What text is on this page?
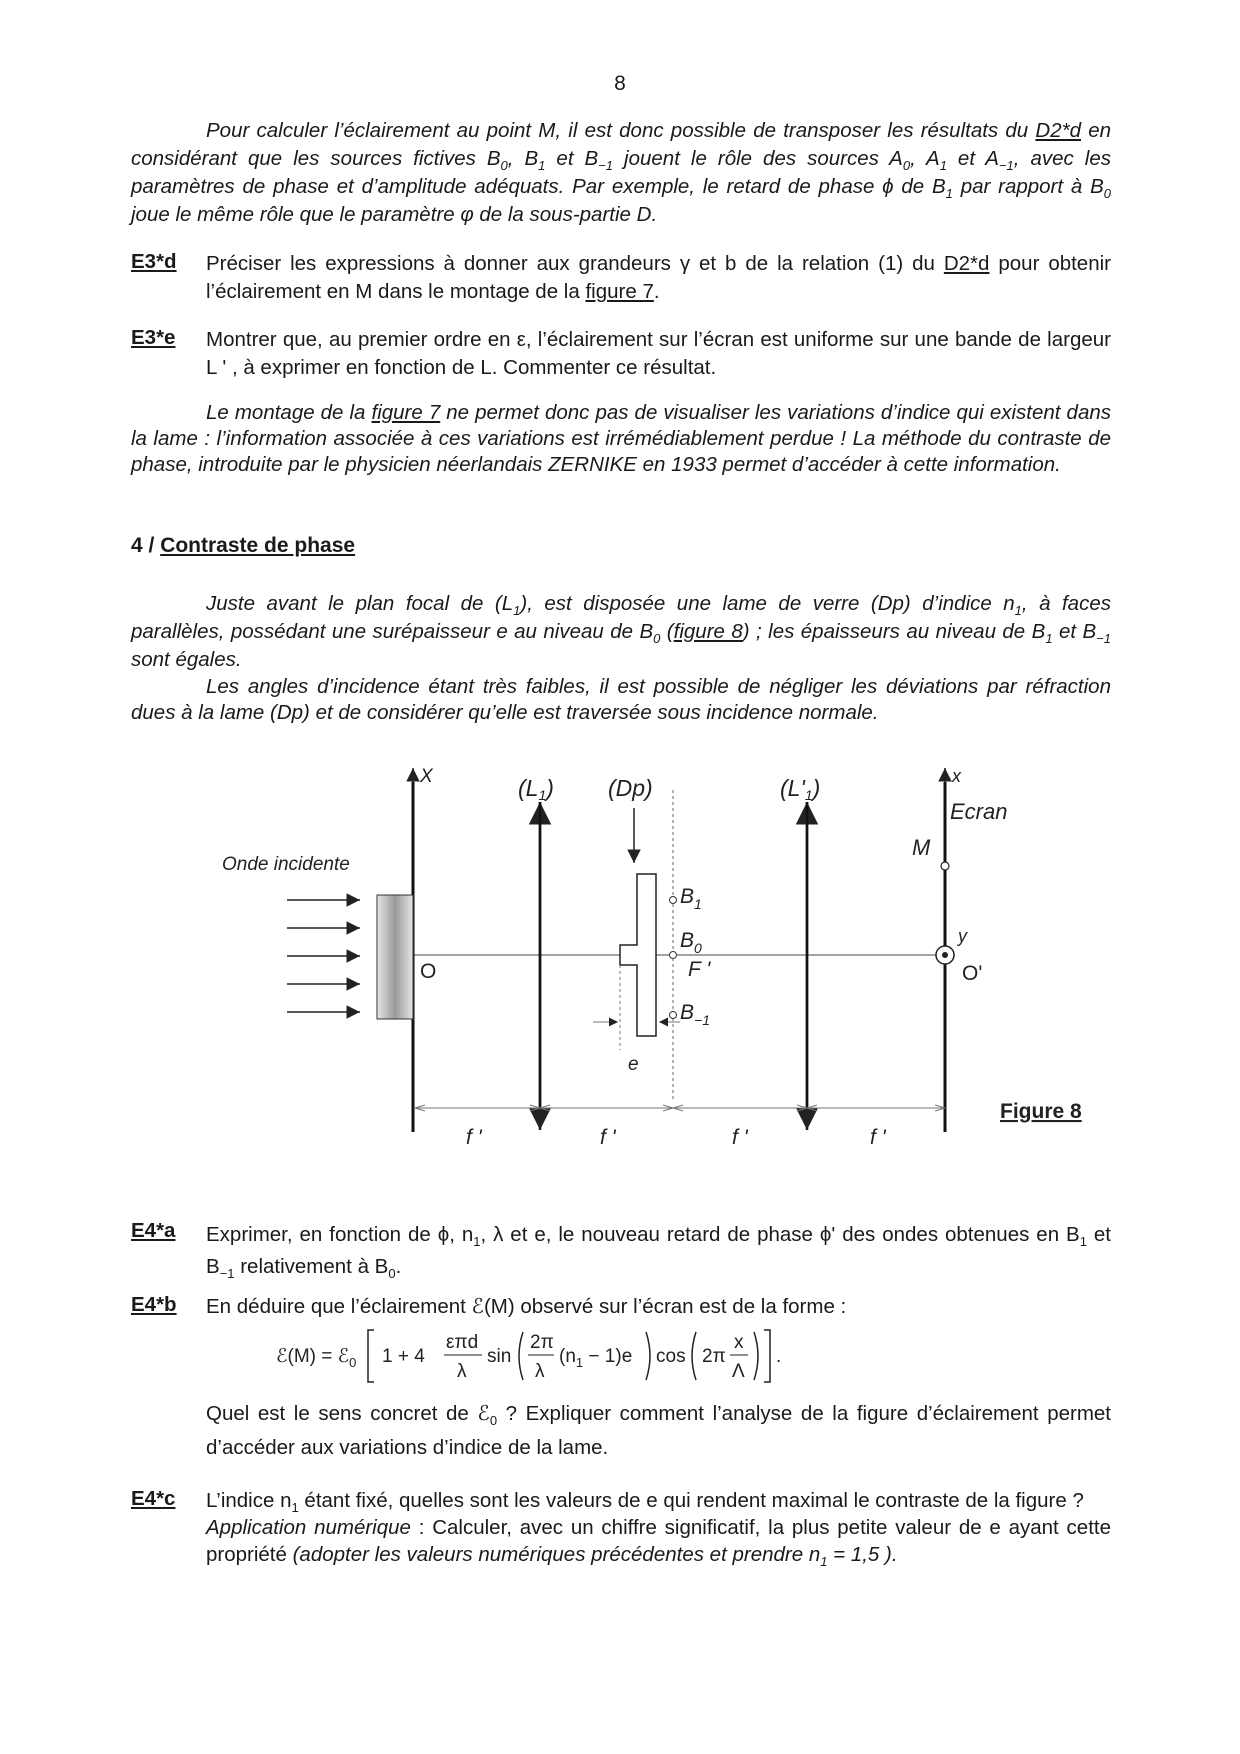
8
Pour calculer l’éclairement au point M, il est donc possible de transposer les résultats du D2*d en considérant que les sources fictives $B_0$, $B_1$ et $B_{-1}$ jouent le rôle des sources $A_0$, $A_1$ et $A_{-1}$, avec les paramètres de phase et d’amplitude adéquats. Par exemple, le retard de phase ϕ de $B_1$ par rapport à $B_0$ joue le même rôle que le paramètre φ de la sous-partie D.
E3*d Préciser les expressions à donner aux grandeurs γ et b de la relation (1) du D2*d pour obtenir l’éclairement en M dans le montage de la figure 7.
E3*e Montrer que, au premier ordre en ε, l’éclairement sur l’écran est uniforme sur une bande de largeur L ' , à exprimer en fonction de L. Commenter ce résultat.
Le montage de la figure 7 ne permet donc pas de visualiser les variations d’indice qui existent dans la lame : l’information associée à ces variations est irrémédiablement perdue ! La méthode du contraste de phase, introduite par le physicien néerlandais ZERNIKE en 1933 permet d’accéder à cette information.
4 / Contraste de phase
Juste avant le plan focal de $(L_1)$, est disposée une lame de verre (Dp) d’indice $n_1$, à faces parallèles, possédant une surépaisseur e au niveau de $B_0$ (figure 8) ; les épaisseurs au niveau de $B_1$ et $B_{-1}$ sont égales.
Les angles d’incidence étant très faibles, il est possible de négliger les déviations par réfraction dues à la lame (Dp) et de considérer qu’elle est traversée sous incidence normale.
Onde incidente
X
O
(L1) (Dp)
e
$B_1$
$B_0$
F '
$B_{-1}$
(L'1)	x
Ecran
M
y
O'
f '	f '	f '	f '
Figure 8
E4*a Exprimer, en fonction de ϕ, $n_1$, λ et e, le nouveau retard de phase ϕ' des ondes obtenues en $B_1$ et $B_{-1}$ relativement à $B_0$.
E4*b En déduire que l’éclairement ℰ(M) observé sur l’écran est de la forme :
ℰ(M) = ℰ$_0$ 1 + 4
επd
λ
sin
2π
λ
$(n_1 - 1)e$ cos 2π
x
Λ
.
Quel est le sens concret de ℰ$_0$ ? Expliquer comment l’analyse de la figure d’éclairement permet d’accéder aux variations d’indice de la lame.
E4*c L’indice $n_1$ étant fixé, quelles sont les valeurs de e qui rendent maximal le contraste de la figure ?
Application numérique : Calculer, avec un chiffre significatif, la plus petite valeur de e ayant cette propriété (adopter les valeurs numériques précédentes et prendre $n_1 = 1,5$ ).
